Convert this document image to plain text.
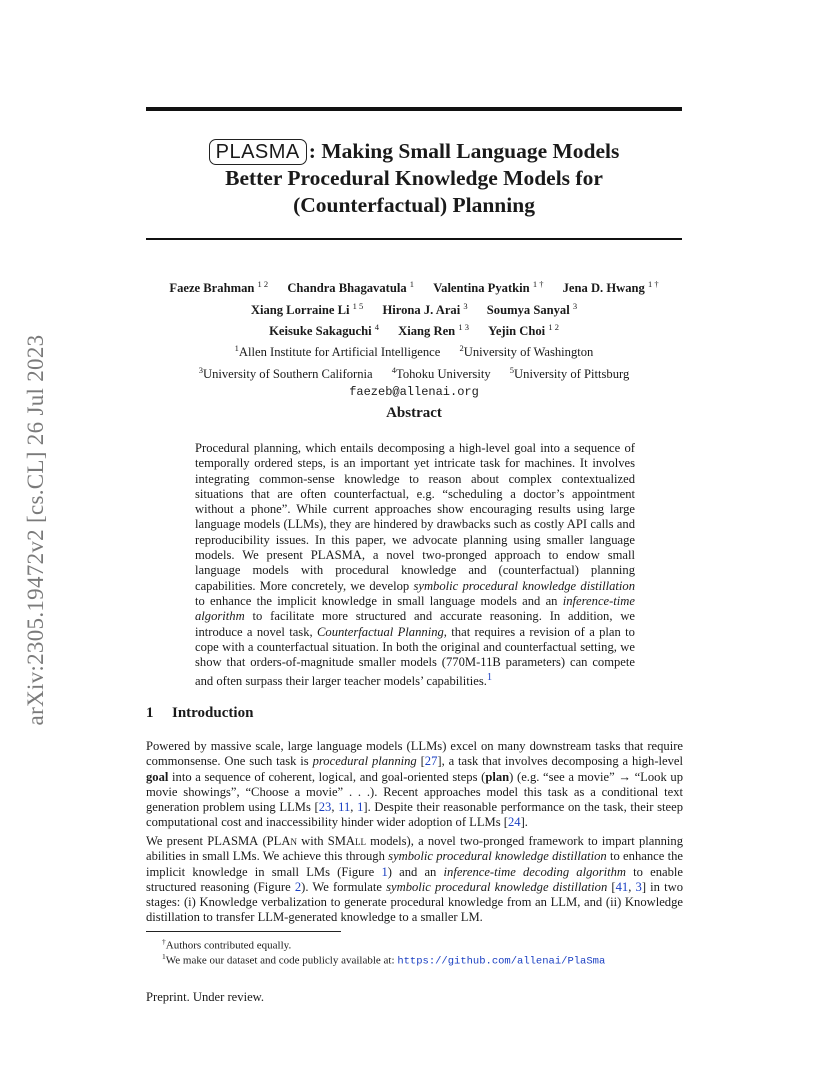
arXiv:2305.19472v2 [cs.CL] 26 Jul 2023
PLASMA : Making Small Language Models
Better Procedural Knowledge Models for
(Counterfactual) Planning
Faeze Brahman $^{1 2}$ Chandra Bhagavatula $^1$ Valentina Pyatkin $^{1 \dagger}$ Jena D. Hwang $^{1 \dagger}$
Xiang Lorraine Li $^{1 5}$ Hirona J. Arai $^3$ Soumya Sanyal $^3$
Keisuke Sakaguchi $^4$ Xiang Ren $^{1 3}$ Yejin Choi $^{1 2}$
$^1$Allen Institute for Artificial Intelligence $^2$University of Washington
$^3$University of Southern California $^4$Tohoku University $^5$University of Pittsburg
faezeb@allenai.org
Abstract
Procedural planning, which entails decomposing a high-level goal into a sequence of temporally ordered steps, is an important yet intricate task for machines. It involves integrating common-sense knowledge to reason about complex contextualized situations that are often counterfactual, e.g. “scheduling a doctor’s appointment without a phone”. While current approaches show encouraging results using large language models (LLMs), they are hindered by drawbacks such as costly API calls and reproducibility issues. In this paper, we advocate planning using smaller language models. We present PLASMA, a novel two-pronged approach to endow small language models with procedural knowledge and (counterfactual) planning capabilities. More concretely, we develop symbolic procedural knowledge distillation to enhance the implicit knowledge in small language models and an inference-time algorithm to facilitate more structured and accurate reasoning. In addition, we introduce a novel task, Counterfactual Planning, that requires a revision of a plan to cope with a counterfactual situation. In both the original and counterfactual setting, we show that orders-of-magnitude smaller models (770M-11B parameters) can compete and often surpass their larger teacher models’ capabilities.$^1$
1 Introduction
Powered by massive scale, large language models (LLMs) excel on many downstream tasks that require commonsense. One such task is procedural planning [27], a task that involves decomposing a high-level goal into a sequence of coherent, logical, and goal-oriented steps (plan) (e.g. “see a movie” → “Look up movie showings”, “Choose a movie” . . .). Recent approaches model this task as a conditional text generation problem using LLMs [23, 11, 1]. Despite their reasonable performance on the task, their steep computational cost and inaccessibility hinder wider adoption of LLMs [24].
We present PLASMA (PLAn with SMAll models), a novel two-pronged framework to impart planning abilities in small LMs. We achieve this through symbolic procedural knowledge distillation to enhance the implicit knowledge in small LMs (Figure 1) and an inference-time decoding algorithm to enable structured reasoning (Figure 2). We formulate symbolic procedural knowledge distillation [41, 3] in two stages: (i) Knowledge verbalization to generate procedural knowledge from an LLM, and (ii) Knowledge distillation to transfer LLM-generated knowledge to a smaller LM.
†Authors contributed equally.
$^1$We make our dataset and code publicly available at: https://github.com/allenai/PlaSma
Preprint. Under review.
